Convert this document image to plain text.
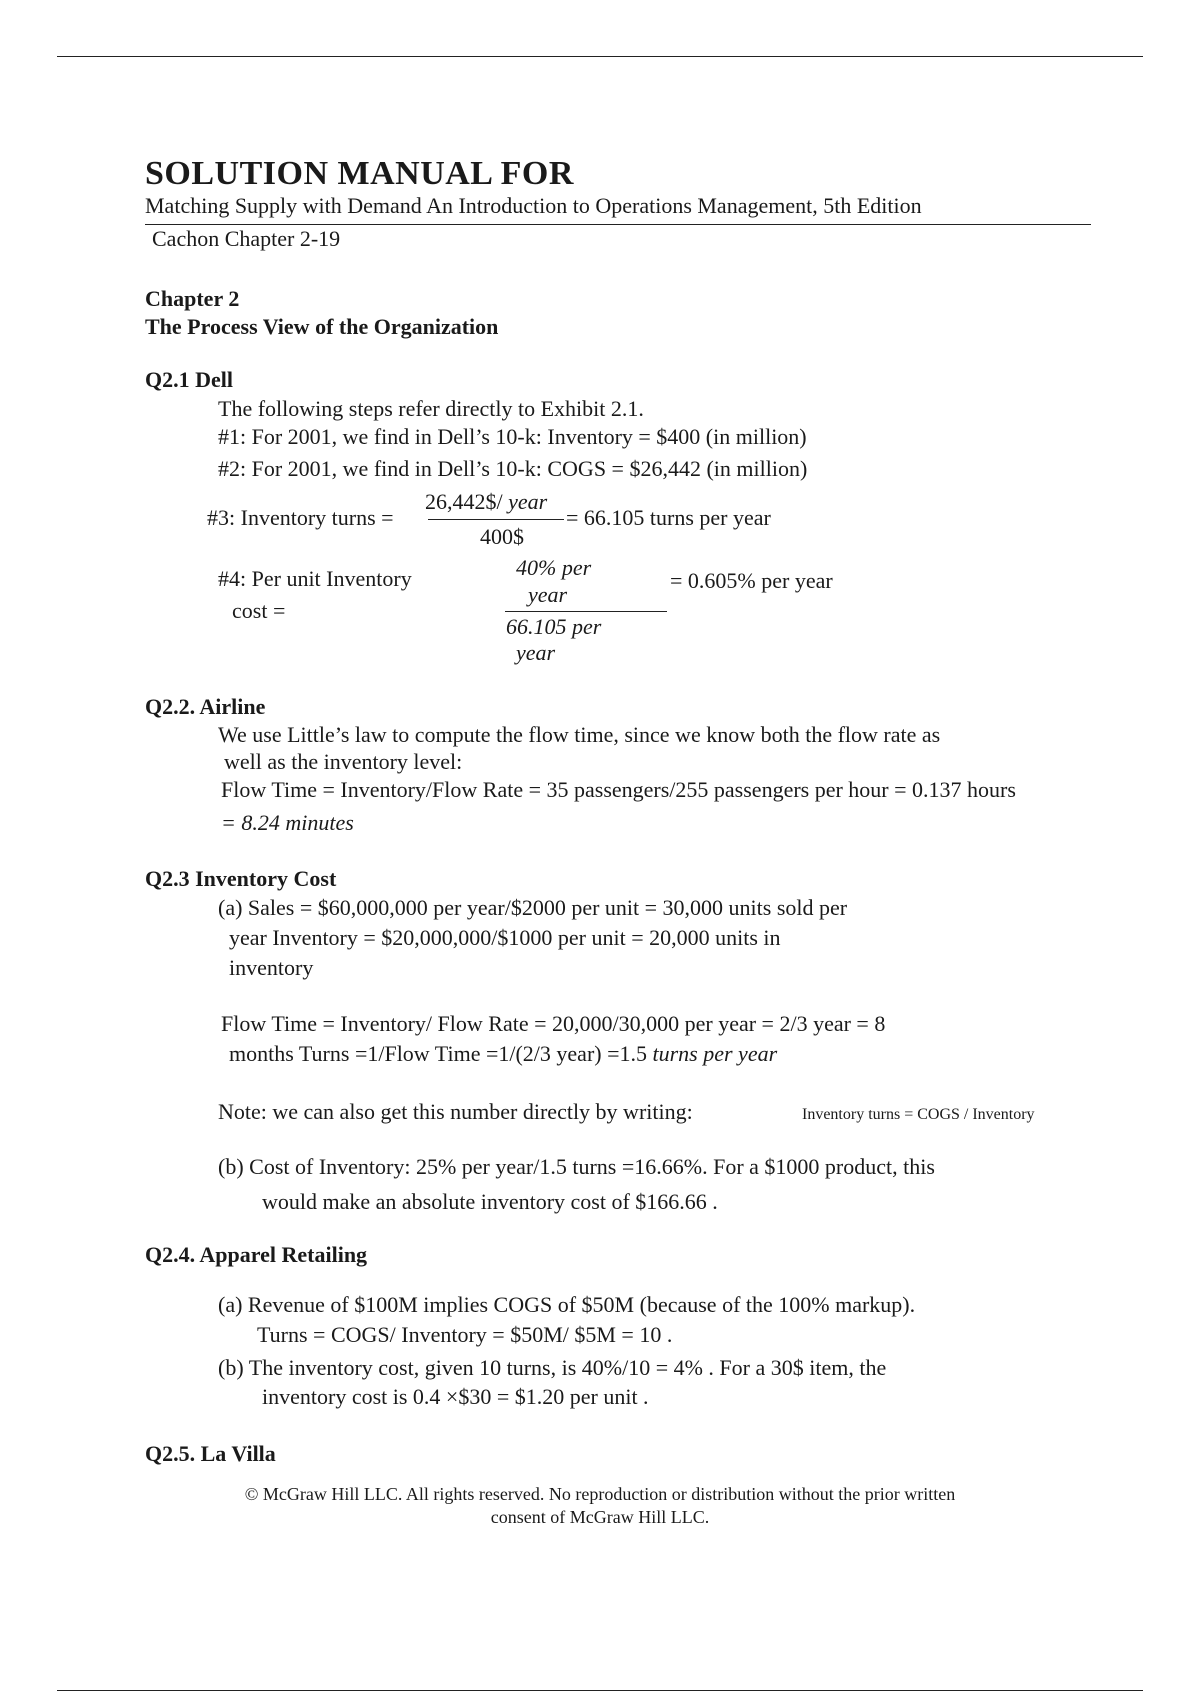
SOLUTION MANUAL FOR
Matching Supply with Demand An Introduction to Operations Management, 5th Edition
Cachon Chapter 2-19
Chapter 2
The Process View of the Organization
Q2.1 Dell
The following steps refer directly to Exhibit 2.1.
#1: For 2001, we find in Dell’s 10-k: Inventory = $400 (in million)
#2: For 2001, we find in Dell’s 10-k: COGS = $26,442 (in million)
#3: Inventory turns =
26,442$/ year
400$
= 66.105 turns per year
#4: Per unit Inventory
cost =
40% per
year
66.105 per
year
= 0.605% per year
Q2.2. Airline
We use Little’s law to compute the flow time, since we know both the flow rate as
well as the inventory level:
Flow Time = Inventory/Flow Rate = 35 passengers/255 passengers per hour = 0.137 hours
= 8.24 minutes
Q2.3 Inventory Cost
(a) Sales = $60,000,000 per year/$2000 per unit = 30,000 units sold per
year Inventory = $20,000,000/$1000 per unit = 20,000 units in
inventory
Flow Time = Inventory/ Flow Rate = 20,000/30,000 per year = 2/3 year = 8
months Turns =1/Flow Time =1/(2/3 year) =1.5 turns per year
Note: we can also get this number directly by writing:	Inventory turns = COGS / Inventory
(b) Cost of Inventory: 25% per year/1.5 turns =16.66%. For a $1000 product, this
would make an absolute inventory cost of $166.66 .
Q2.4. Apparel Retailing
(a) Revenue of $100M implies COGS of $50M (because of the 100% markup).
Turns = COGS/ Inventory = $50M/ $5M = 10 .
(b) The inventory cost, given 10 turns, is 40%/10 = 4% . For a 30$ item, the
inventory cost is 0.4 ×$30 = $1.20 per unit .
Q2.5. La Villa
© McGraw Hill LLC. All rights reserved. No reproduction or distribution without the prior written
consent of McGraw Hill LLC.
